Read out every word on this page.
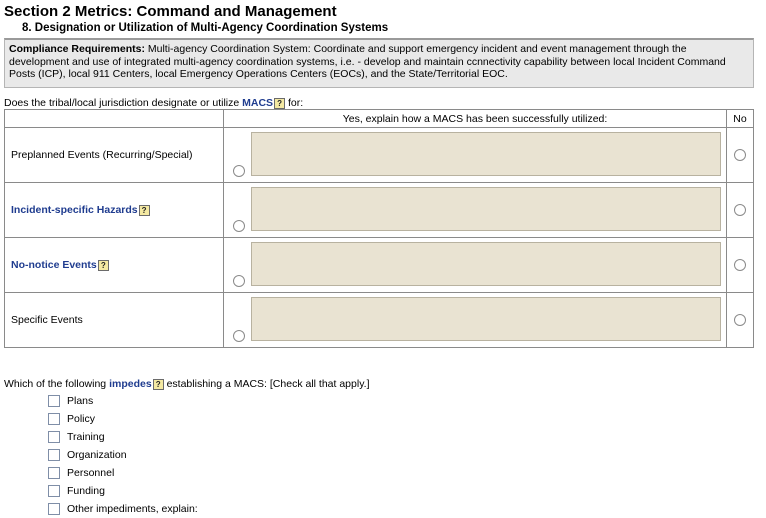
Section 2 Metrics: Command and Management
8. Designation or Utilization of Multi-Agency Coordination Systems
Compliance Requirements: Multi-agency Coordination System: Coordinate and support emergency incident and event management through the development and use of integrated multi-agency coordination systems, i.e. - develop and maintain ccnnectivity capability between local Incident Command Posts (ICP), local 911 Centers, local Emergency Operations Centers (EOCs), and the State/Territorial EOC.
Does the tribal/local jurisdiction designate or utilize MACS ? for:
	Yes, explain how a MACS has been successfully utilized:	No
Preplanned Events (Recurring/Special)	

Incident-specific Hazards ?	

No-notice Events ?	

Specific Events	

Which of the following impedes ? establishing a MACS: [Check all that apply.]
Plans
Policy
Training
Organization
Personnel
Funding
Other impediments, explain:
